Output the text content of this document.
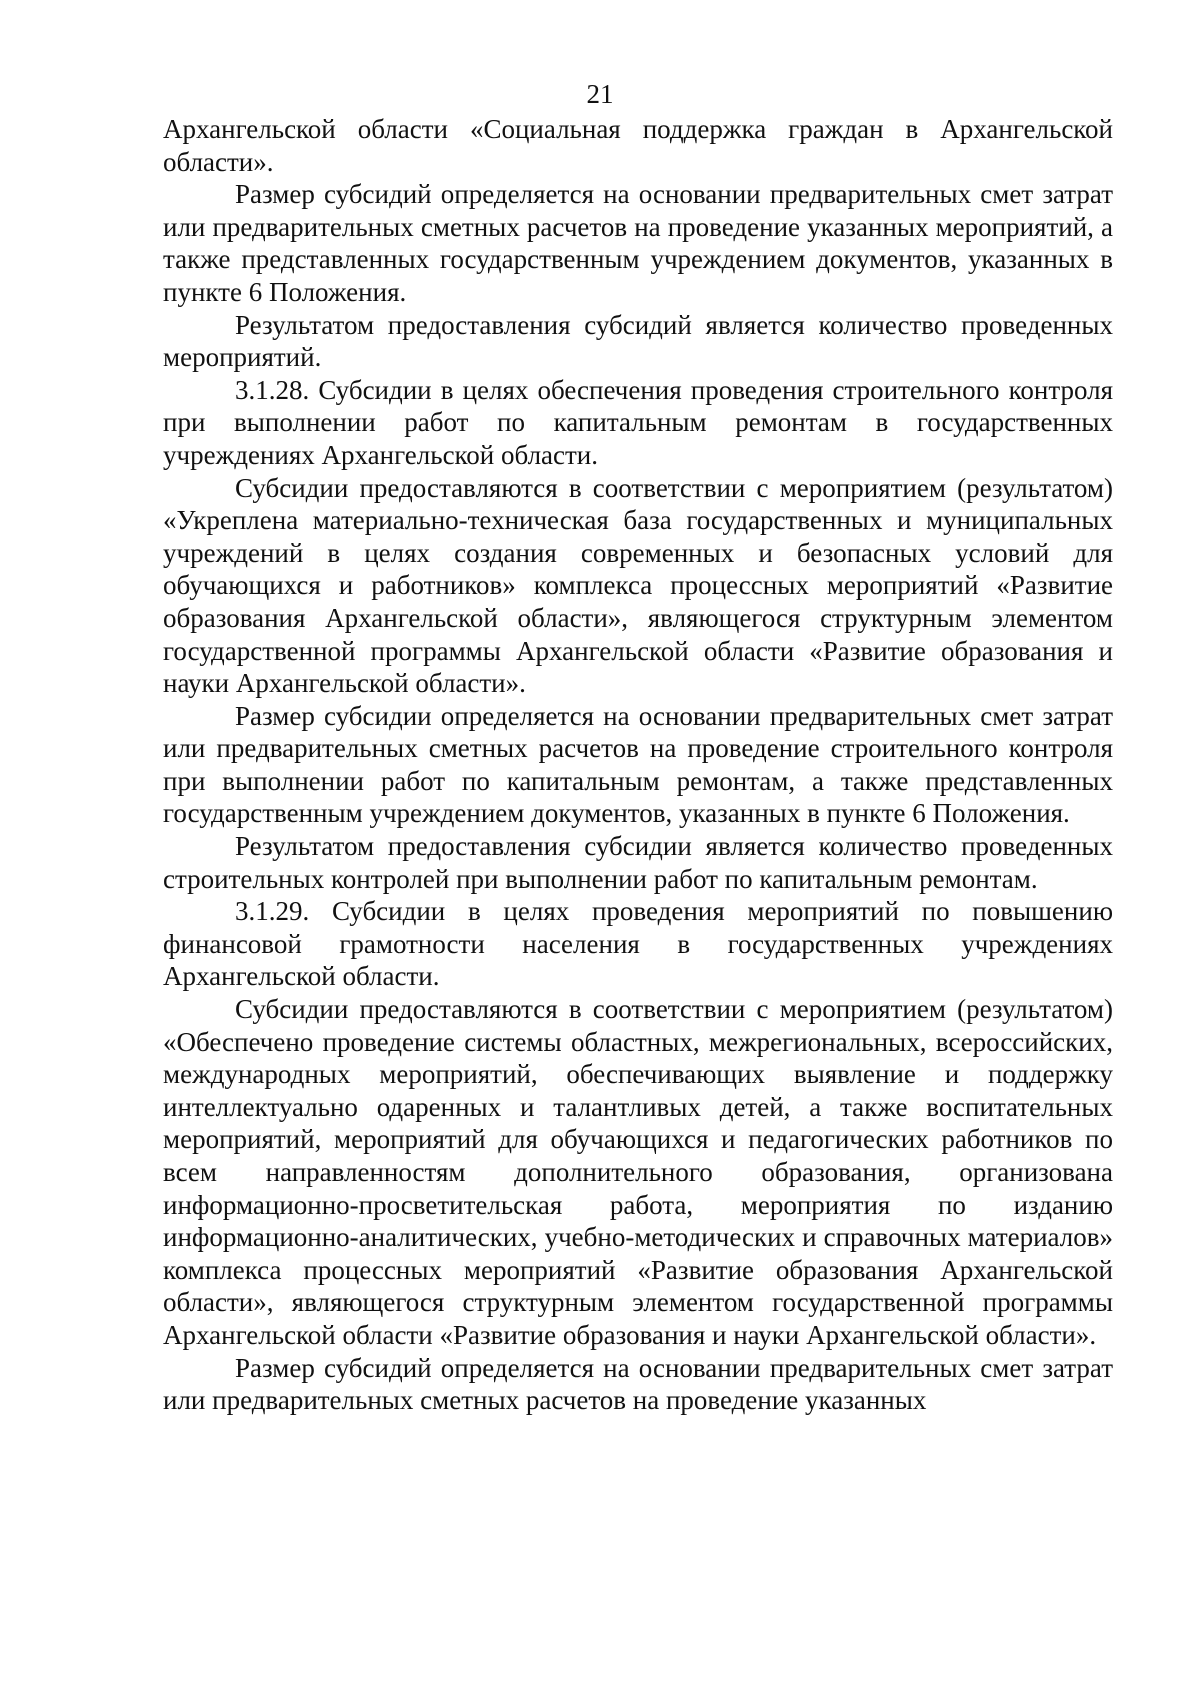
21

Архангельской области «Социальная поддержка граждан в Архангельской области».

Размер субсидий определяется на основании предварительных смет затрат или предварительных сметных расчетов на проведение указанных мероприятий, а также представленных государственным учреждением документов, указанных в пункте 6 Положения.

Результатом предоставления субсидий является количество проведенных мероприятий.

3.1.28. Субсидии в целях обеспечения проведения строительного контроля при выполнении работ по капитальным ремонтам в государственных учреждениях Архангельской области.

Субсидии предоставляются в соответствии с мероприятием (результатом) «Укреплена материально-техническая база государственных и муниципальных учреждений в целях создания современных и безопасных условий для обучающихся и работников» комплекса процессных мероприятий «Развитие образования Архангельской области», являющегося структурным элементом государственной программы Архангельской области «Развитие образования и науки Архангельской области».

Размер субсидии определяется на основании предварительных смет затрат или предварительных сметных расчетов на проведение строительного контроля при выполнении работ по капитальным ремонтам, а также представленных государственным учреждением документов, указанных в пункте 6 Положения.

Результатом предоставления субсидии является количество проведенных строительных контролей при выполнении работ по капитальным ремонтам.

3.1.29. Субсидии в целях проведения мероприятий по повышению финансовой грамотности населения в государственных учреждениях Архангельской области.

Субсидии предоставляются в соответствии с мероприятием (результатом) «Обеспечено проведение системы областных, межрегиональных, всероссийских, международных мероприятий, обеспечивающих выявление и поддержку интеллектуально одаренных и талантливых детей, а также воспитательных мероприятий, мероприятий для обучающихся и педагогических работников по всем направленностям дополнительного образования, организована информационно-просветительская работа, мероприятия по изданию информационно-аналитических, учебно-методических и справочных материалов» комплекса процессных мероприятий «Развитие образования Архангельской области», являющегося структурным элементом государственной программы Архангельской области «Развитие образования и науки Архангельской области».

Размер субсидий определяется на основании предварительных смет затрат или предварительных сметных расчетов на проведение указанных
